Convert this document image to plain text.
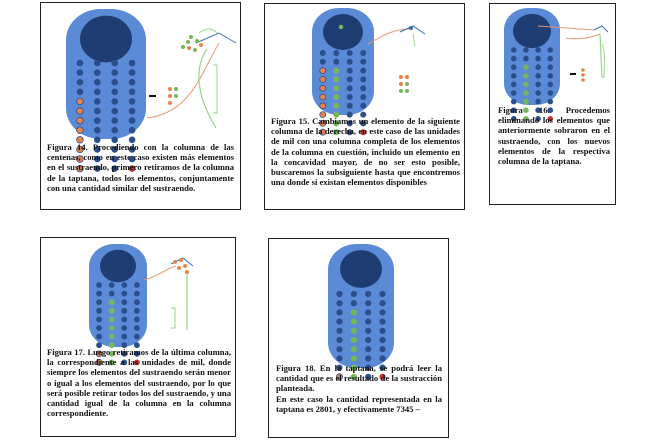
Figura 14. Procediendo con la columna de las centenas, como en este caso existen más elementos en el sustraendo, primero retiramos de la columna de la taptana, todos los elementos, conjuntamente con una cantidad similar del sustraendo.

Figura 15. Cambiamos un elemento de la siguiente columna de la derecha, en este caso de las unidades de mil con una columna completa de los elementos de la columna en cuestión, incluido un elemento en la concavidad mayor, de no ser esto posible, buscaremos la subsiguiente hasta que encontremos una donde si existan elementos disponibles

Figura 16. Procedemos eliminando los elementos que anteriormente sobraron en el sustraendo, con los nuevos elementos de la respectiva columna de la taptana.

Figura 17. Luego retiramos de la última columna, la correspondiente a las unidades de mil, donde siempre los elementos del sustraendo serán menor o igual a los elementos del sustraendo, por lo que será posible retirar todos los del sustraendo, y una cantidad igual de la columna en la columna correspondiente.

Figura 18. En la taptana, se podrá leer la cantidad que es el resultado de la sustracción planteada.
En este caso la cantidad representada en la taptana es 2801, y efectivamente 7345 –
